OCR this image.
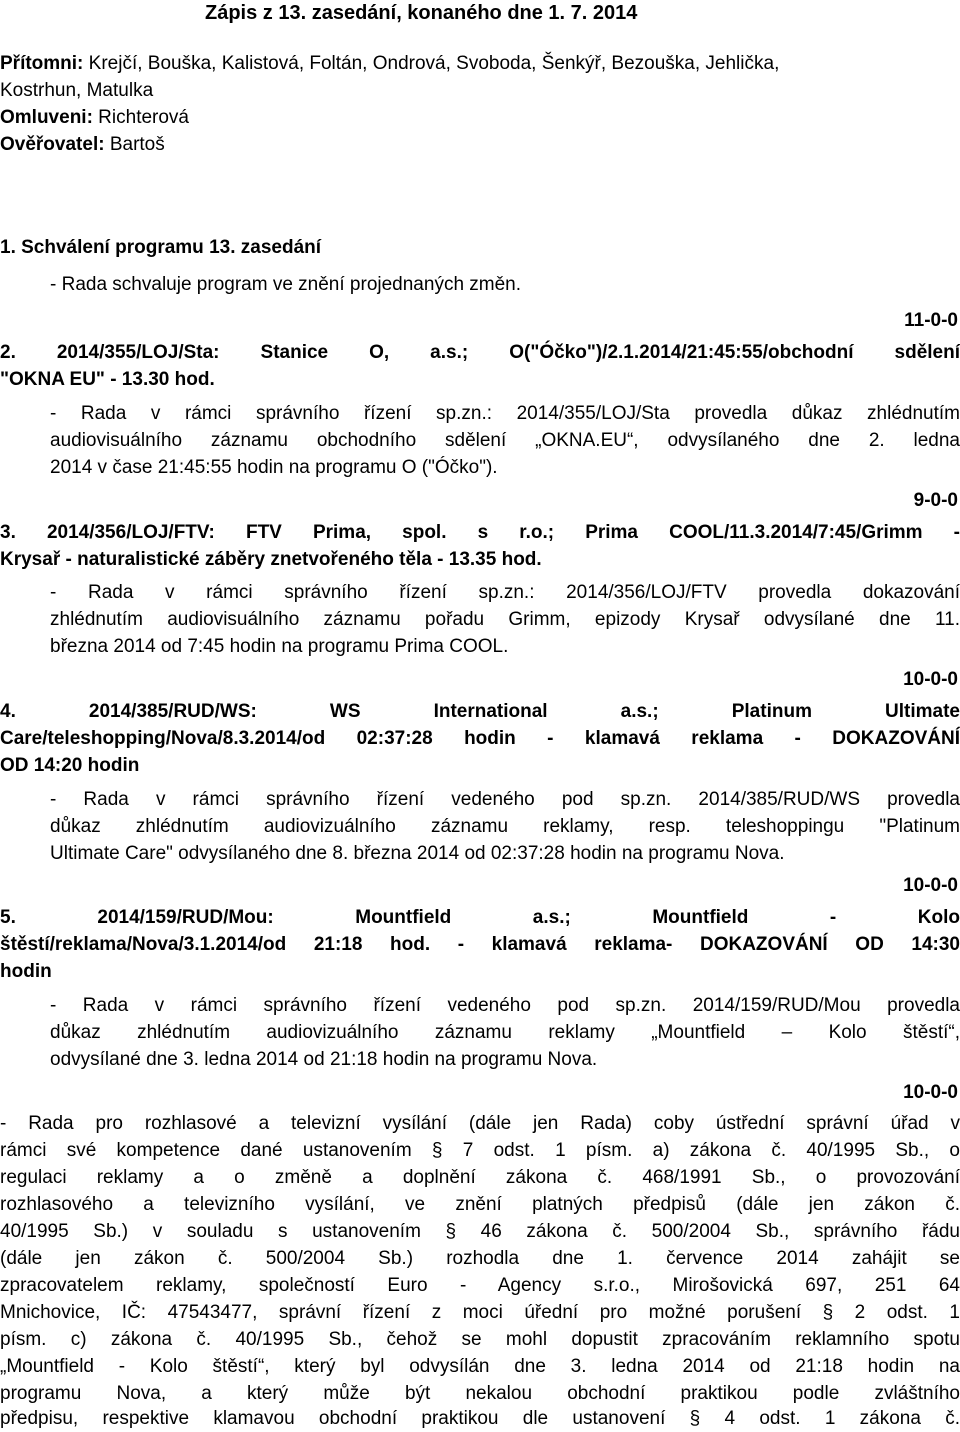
Zápis z 13. zasedání, konaného dne 1. 7. 2014
Přítomni: Krejčí, Bouška, Kalistová, Foltán, Ondrová, Svoboda, Šenkýř, Bezouška, Jehlička,
Kostrhun, Matulka
Omluveni: Richterová
Ověřovatel: Bartoš
1. Schválení programu 13. zasedání
- Rada schvaluje program ve znění projednaných změn.
11-0-0
2. 2014/355/LOJ/Sta: Stanice O, a.s.; O("Óčko")/2.1.2014/21:45:55/obchodní sdělení
"OKNA EU" - 13.30 hod.
- Rada v rámci správního řízení sp.zn.: 2014/355/LOJ/Sta provedla důkaz zhlédnutím
audiovisuálního záznamu obchodního sdělení „OKNA.EU“, odvysílaného dne 2. ledna
2014 v čase 21:45:55 hodin na programu O ("Óčko").
9-0-0
3. 2014/356/LOJ/FTV: FTV Prima, spol. s r.o.; Prima COOL/11.3.2014/7:45/Grimm -
Krysař - naturalistické záběry znetvořeného těla - 13.35 hod.
- Rada v rámci správního řízení sp.zn.: 2014/356/LOJ/FTV provedla dokazování
zhlédnutím audiovisuálního záznamu pořadu Grimm, epizody Krysař odvysílané dne 11.
března 2014 od 7:45 hodin na programu Prima COOL.
10-0-0
4. 2014/385/RUD/WS: WS International a.s.; Platinum Ultimate
Care/teleshopping/Nova/8.3.2014/od 02:37:28 hodin - klamavá reklama - DOKAZOVÁNÍ
OD 14:20 hodin
- Rada v rámci správního řízení vedeného pod sp.zn. 2014/385/RUD/WS provedla
důkaz zhlédnutím audiovizuálního záznamu reklamy, resp. teleshoppingu "Platinum
Ultimate Care" odvysílaného dne 8. března 2014 od 02:37:28 hodin na programu Nova.
10-0-0
5. 2014/159/RUD/Mou: Mountfield a.s.; Mountfield - Kolo
štěstí/reklama/Nova/3.1.2014/od 21:18 hod. - klamavá reklama- DOKAZOVÁNÍ OD 14:30
hodin
- Rada v rámci správního řízení vedeného pod sp.zn. 2014/159/RUD/Mou provedla
důkaz zhlédnutím audiovizuálního záznamu reklamy „Mountfield – Kolo štěstí“,
odvysílané dne 3. ledna 2014 od 21:18 hodin na programu Nova.
10-0-0
- Rada pro rozhlasové a televizní vysílání (dále jen Rada) coby ústřední správní úřad v
rámci své kompetence dané ustanovením § 7 odst. 1 písm. a) zákona č. 40/1995 Sb., o
regulaci reklamy a o změně a doplnění zákona č. 468/1991 Sb., o provozování
rozhlasového a televizního vysílání, ve znění platných předpisů (dále jen zákon č.
40/1995 Sb.) v souladu s ustanovením § 46 zákona č. 500/2004 Sb., správního řádu
(dále jen zákon č. 500/2004 Sb.) rozhodla dne 1. července 2014 zahájit se
zpracovatelem reklamy, společností Euro - Agency s.r.o., Mirošovická 697, 251 64
Mnichovice, IČ: 47543477, správní řízení z moci úřední pro možné porušení § 2 odst. 1
písm. c) zákona č. 40/1995 Sb., čehož se mohl dopustit zpracováním reklamního spotu
„Mountfield - Kolo štěstí“, který byl odvysílán dne 3. ledna 2014 od 21:18 hodin na
programu Nova, a který může být nekalou obchodní praktikou podle zvláštního
předpisu, respektive klamavou obchodní praktikou dle ustanovení § 4 odst. 1 zákona č.
